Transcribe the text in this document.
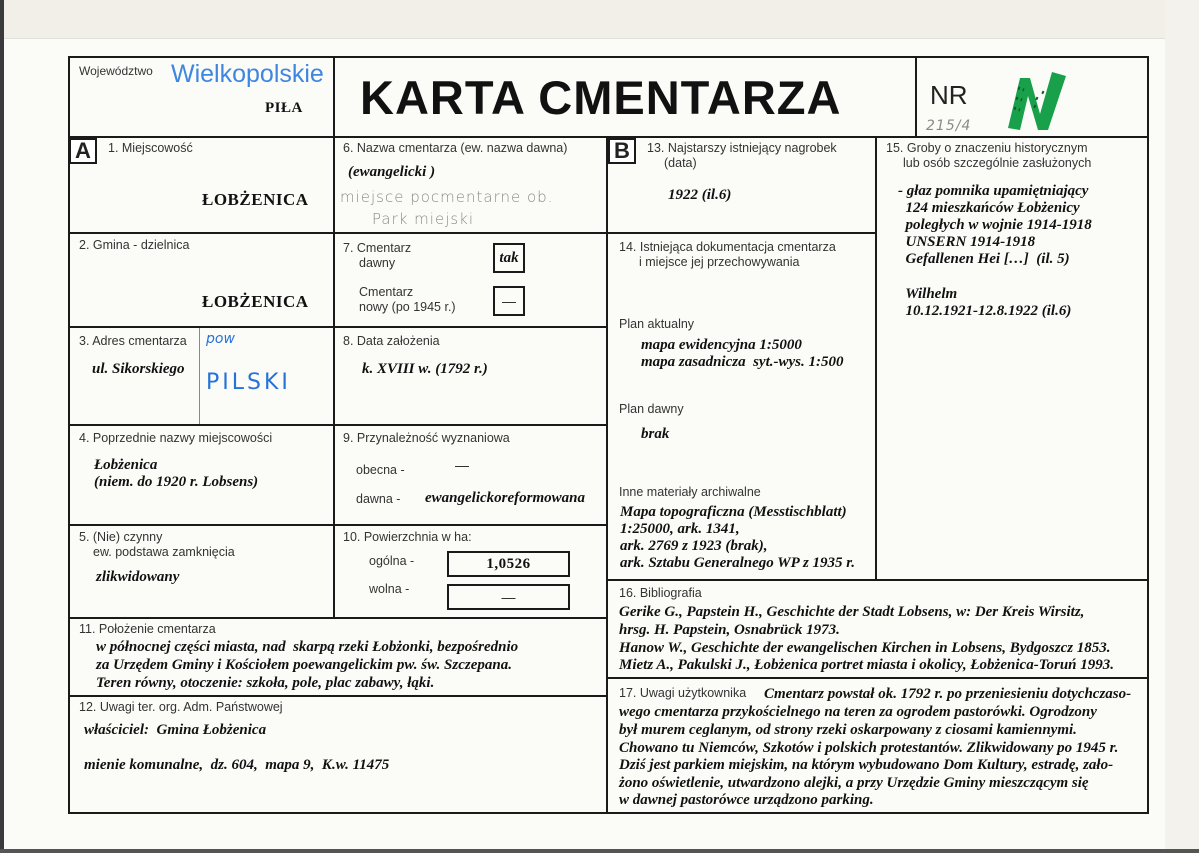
Województwo Wielkopolskie
PIŁA KARTA CMENTARZA	NR
215/4
A	1. Miejscowość
ŁOBŻENICA
2. Gmina - dzielnica
ŁOBŻENICA
3. Adres cmentarza
ul. Sikorskiego
pow
PILSKI
4. Poprzednie nazwy miejscowości
Łobżenica
(niem. do 1920 r. Lobsens)
5. (Nie) czynny
ew. podstawa zamknięcia
zlikwidowany
6. Nazwa cmentarza (ew. nazwa dawna)
(ewangelicki )
miejsce pocmentarne ob.
Park miejski
7. Cmentarz
dawny	tak
Cmentarz
nowy (po 1945 r.)	—
8. Data założenia
k. XVIII w. (1792 r.)
9. Przynależność wyznaniowa
obecna -	—
dawna - ewangelickoreformowana
10. Powierzchnia w ha:
ogólna -	1,0526
wolna -	—
11. Położenie cmentarza
w północnej części miasta, nad  skarpą rzeki Łobżonki, bezpośrednio
za Urzędem Gminy i Kościołem poewangelickim pw. św. Szczepana.
Teren równy, otoczenie: szkoła, pole, plac zabawy, łąki.
12. Uwagi ter. org. Adm. Państwowej
właściciel:  Gmina Łobżenica
mienie komunalne,  dz. 604,  mapa 9,  K.w. 11475
B	13. Najstarszy istniejący nagrobek
(data)
1922 (il.6)
14. Istniejąca dokumentacja cmentarza
i miejsce jej przechowywania
Plan aktualny
mapa ewidencyjna 1:5000
mapa zasadnicza  syt.-wys. 1:500
Plan dawny
brak
Inne materiały archiwalne
Mapa topograficzna (Messtischblatt)
1:25000, ark. 1341,
ark. 2769 z 1923 (brak),
ark. Sztabu Generalnego WP z 1935 r.
15. Groby o znaczeniu historycznym
lub osób szczególnie zasłużonych
- głaz pomnika upamiętniający
124 mieszkańców Łobżenicy
poległych w wojnie 1914-1918
UNSERN 1914-1918
Gefallenen Hei […]  (il. 5)
Wilhelm
10.12.1921-12.8.1922 (il.6)
16. Bibliografia
Gerike G., Papstein H., Geschichte der Stadt Lobsens, w: Der Kreis Wirsitz,
hrsg. H. Papstein, Osnabrück 1973.
Hanow W., Geschichte der ewangelischen Kirchen in Lobsens, Bydgoszcz 1853.
Mietz A., Pakulski J., Łobżenica portret miasta i okolicy, Łobżenica-Toruń 1993.
17. Uwagi użytkownika Cmentarz powstał ok. 1792 r. po przeniesieniu dotychczaso-
wego cmentarza przykościelnego na teren za ogrodem pastorówki. Ogrodzony
był murem ceglanym, od strony rzeki oskarpowany z ciosami kamiennymi.
Chowano tu Niemców, Szkotów i polskich protestantów. Zlikwidowany po 1945 r.
Dziś jest parkiem miejskim, na którym wybudowano Dom Kultury, estradę, zało-
żono oświetlenie, utwardzono alejki, a przy Urzędzie Gminy mieszczącym się
w dawnej pastorówce urządzono parking.
